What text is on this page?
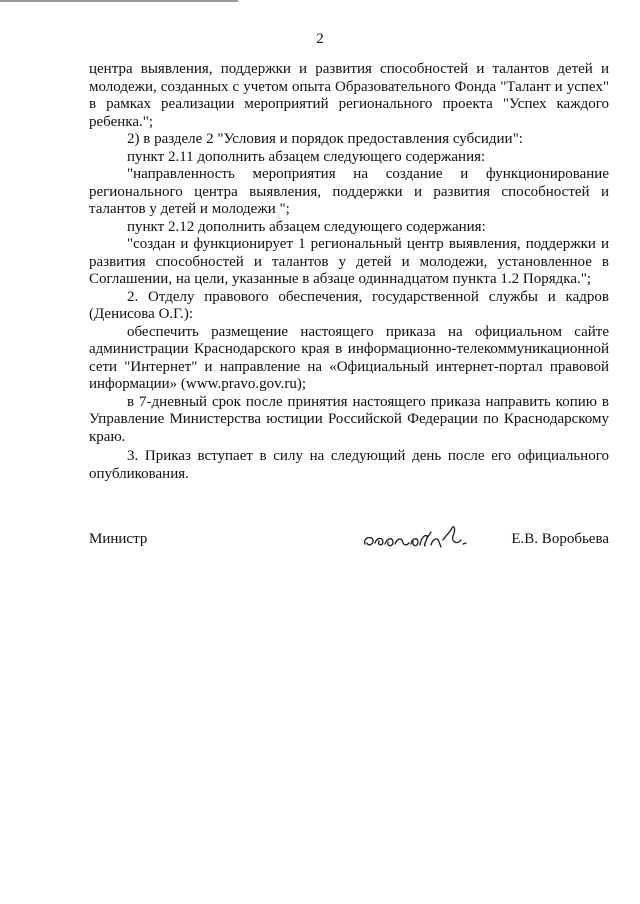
2

центра выявления, поддержки и развития способностей и талантов детей и молодежи, созданных с учетом опыта Образовательного Фонда "Талант и успех" в рамках реализации мероприятий регионального проекта "Успех каждого ребенка.";

2) в разделе 2 "Условия и порядок предоставления субсидии":

пункт 2.11 дополнить абзацем следующего содержания:

"направленность мероприятия на создание и функционирование регионального центра выявления, поддержки и развития способностей и талантов у детей и молодежи ";

пункт 2.12 дополнить абзацем следующего содержания:

"создан и функционирует 1 региональный центр выявления, поддержки и развития способностей и талантов у детей и молодежи, установленное в Соглашении, на цели, указанные в абзаце одиннадцатом пункта 1.2 Порядка.";

2. Отделу правового обеспечения, государственной службы и кадров (Денисова О.Г.):

обеспечить размещение настоящего приказа на официальном сайте администрации Краснодарского края в информационно-телекоммуникационной сети "Интернет" и направление на «Официальный интернет-портал правовой информации» (www.pravo.gov.ru);

в 7-дневный срок после принятия настоящего приказа направить копию в Управление Министерства юстиции Российской Федерации по Краснодарскому краю.

3. Приказ вступает в силу на следующий день после его официального опубликования.

Министр	Е.В. Воробьева
